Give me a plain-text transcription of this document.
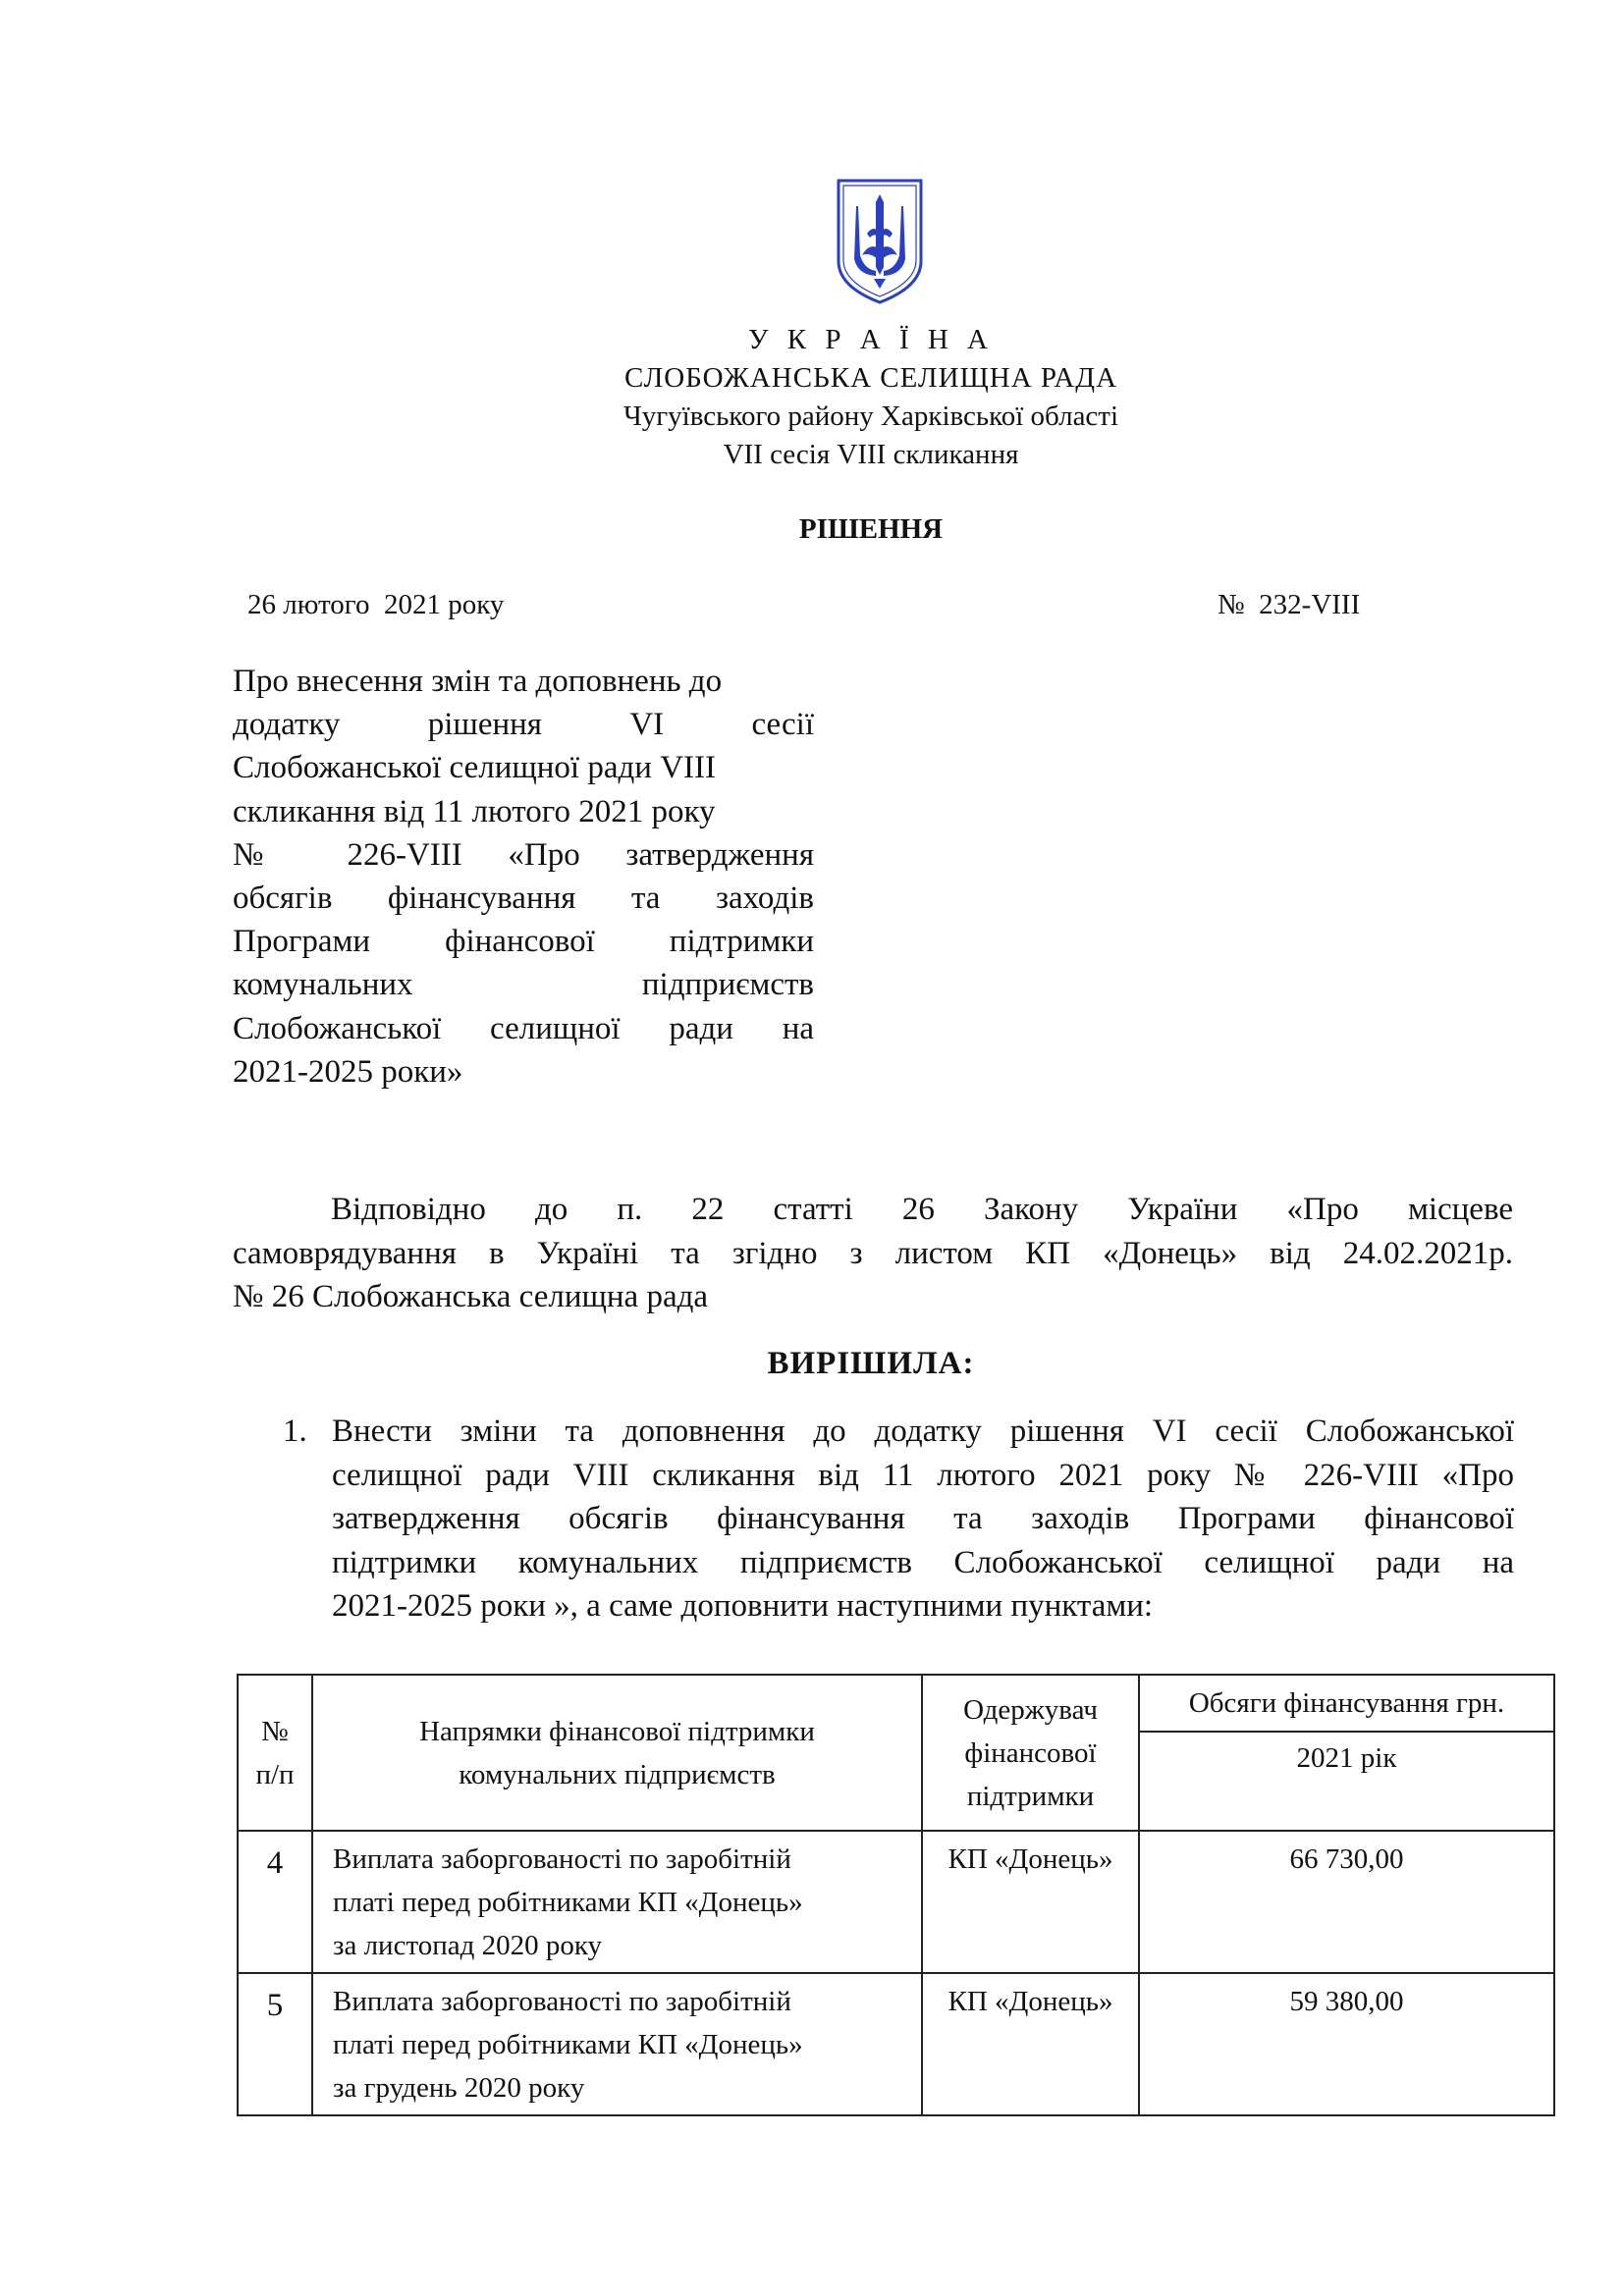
У К Р А Ї Н А
СЛОБОЖАНСЬКА СЕЛИЩНА РАДА
Чугуївського району Харківської області
VII сесія VIII скликання
РІШЕННЯ
26 лютого  2021 року	№  232-VIII
Про внесення змін та доповнень до
додатку рішення VI сесії
Слобожанської селищної ради VIII
скликання від 11 лютого 2021 року
№ 226-VIII «Про затвердження
обсягів фінансування та заходів
Програми фінансової підтримки
комунальних підприємств
Слобожанської селищної ради на
2021-2025 роки»
Відповідно до п. 22 статті 26 Закону України «Про місцеве
самоврядування в Україні та згідно з листом КП «Донець» від 24.02.2021р.
№ 26 Слобожанська селищна рада
ВИРІШИЛА:
1. Внести зміни та доповнення до додатку рішення VI сесії Слобожанської
селищної ради VIII скликання від 11 лютого 2021 року № 226-VIII «Про
затвердження обсягів фінансування та заходів Програми фінансової
підтримки комунальних підприємств Слобожанської селищної ради на
2021-2025 роки », а саме доповнити наступними пунктами:
№
п/п	Напрямки фінансової підтримки
комунальних підприємств	Одержувач
фінансової
підтримки	Обсяги фінансування грн.
			2021 рік
4	Виплата заборгованості по заробітній
платі перед робітниками КП «Донець»
за листопад 2020 року	КП «Донець»	66 730,00
5	Виплата заборгованості по заробітній
платі перед робітниками КП «Донець»
за грудень 2020 року	КП «Донець»	59 380,00
